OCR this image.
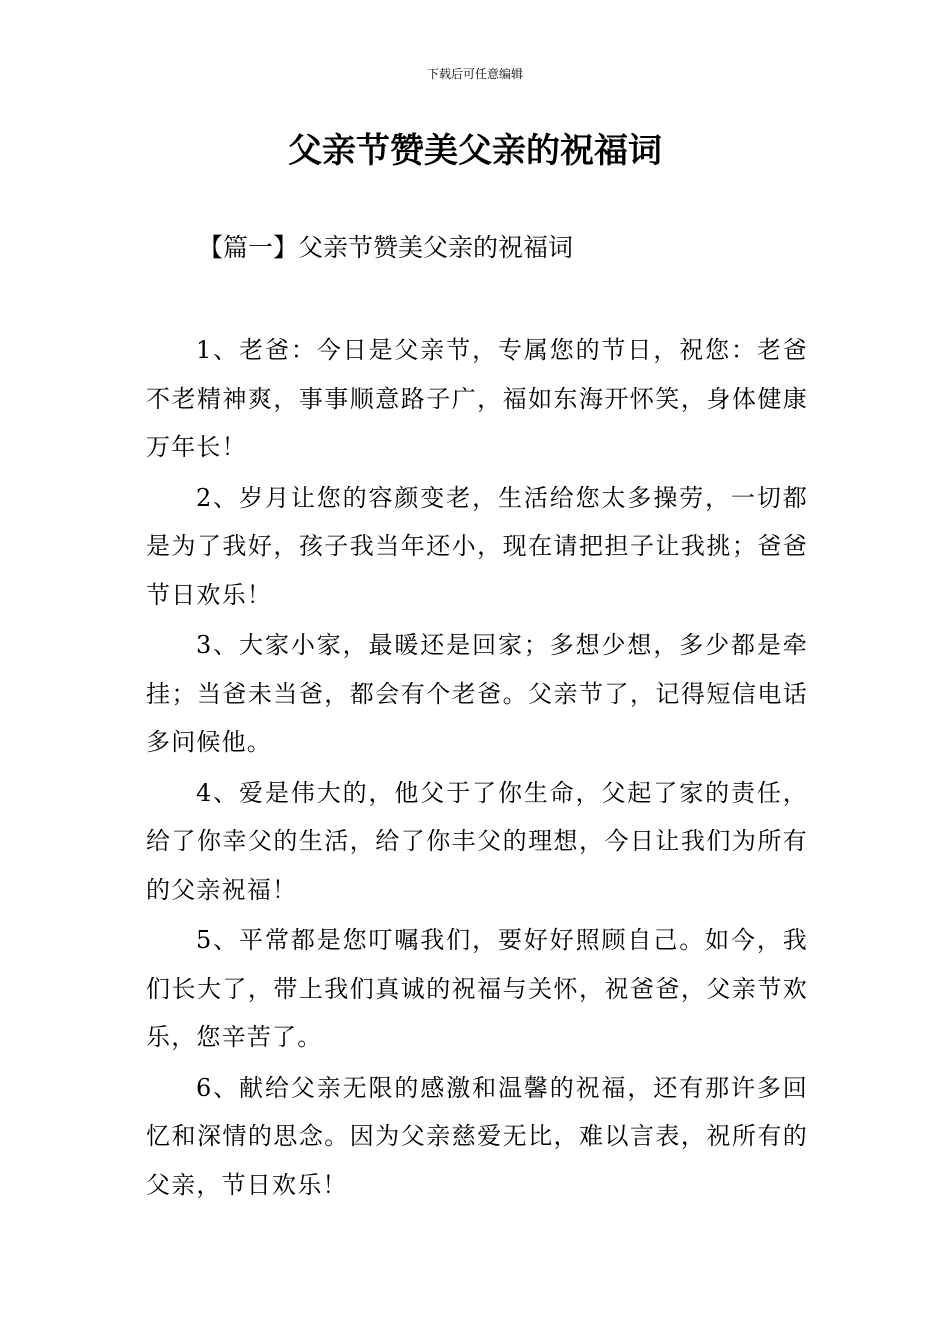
下载后可任意编辑
父亲节赞美父亲的祝福词
【篇一】父亲节赞美父亲的祝福词

1、老爸：今日是父亲节，专属您的节日，祝您：老爸不老精神爽，事事顺意路子广，福如东海开怀笑，身体健康万年长！

2、岁月让您的容颜变老，生活给您太多操劳，一切都是为了我好，孩子我当年还小，现在请把担子让我挑；爸爸节日欢乐！

3、大家小家，最暖还是回家；多想少想，多少都是牵挂；当爸未当爸，都会有个老爸。父亲节了，记得短信电话多问候他。

4、爱是伟大的，他父于了你生命，父起了家的责任，给了你幸父的生活，给了你丰父的理想，今日让我们为所有的父亲祝福！

5、平常都是您叮嘱我们，要好好照顾自己。如今，我们长大了，带上我们真诚的祝福与关怀，祝爸爸，父亲节欢乐，您辛苦了。

6、献给父亲无限的感激和温馨的祝福，还有那许多回忆和深情的思念。因为父亲慈爱无比，难以言表，祝所有的父亲，节日欢乐！
